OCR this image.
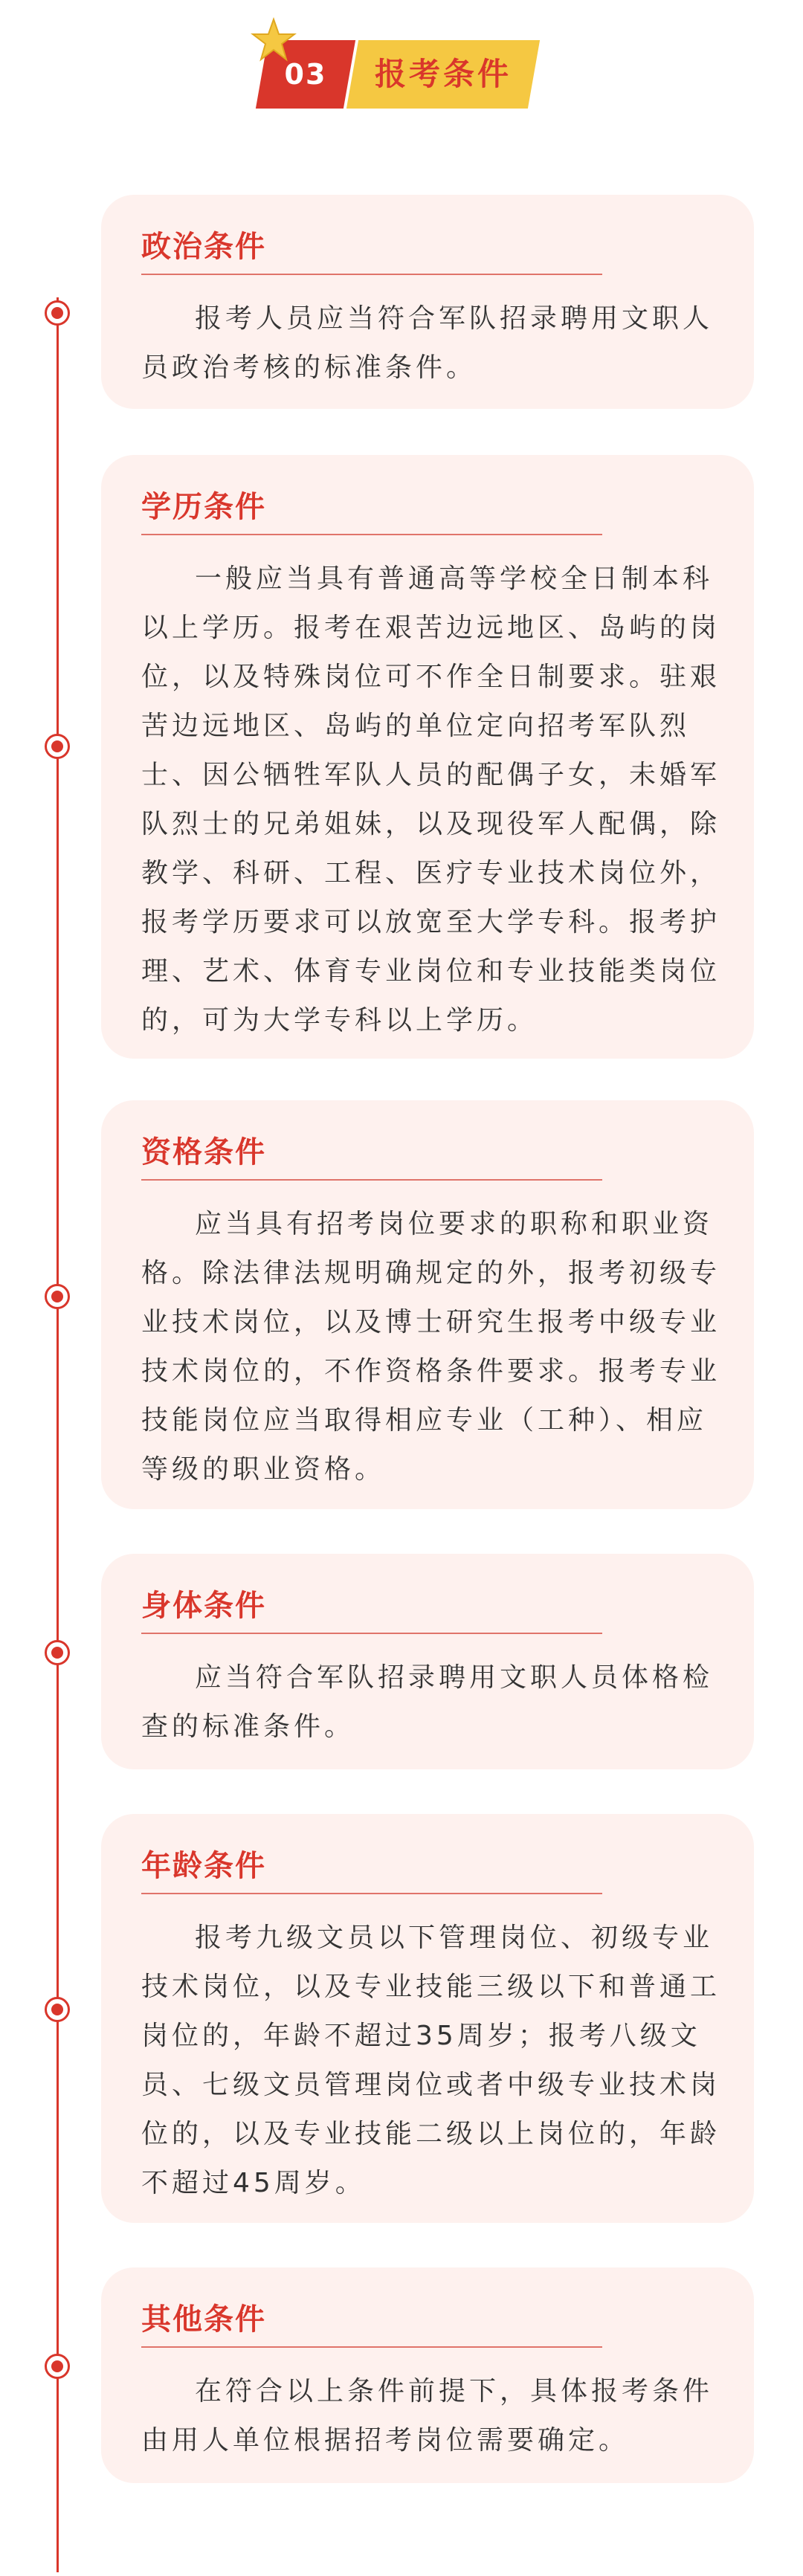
03	报考条件
政治条件

报考人员应当符合军队招录聘用文职人员政治考核的标准条件。

学历条件

一般应当具有普通高等学校全日制本科以上学历。报考在艰苦边远地区、岛屿的岗位，以及特殊岗位可不作全日制要求。驻艰苦边远地区、岛屿的单位定向招考军队烈士、因公牺牲军队人员的配偶子女，未婚军队烈士的兄弟姐妹，以及现役军人配偶，除教学、科研、工程、医疗专业技术岗位外，报考学历要求可以放宽至大学专科。报考护理、艺术、体育专业岗位和专业技能类岗位的，可为大学专科以上学历。

资格条件

应当具有招考岗位要求的职称和职业资格。除法律法规明确规定的外，报考初级专业技术岗位，以及博士研究生报考中级专业技术岗位的，不作资格条件要求。报考专业技能岗位应当取得相应专业（工种）、相应等级的职业资格。

身体条件

应当符合军队招录聘用文职人员体格检查的标准条件。

年龄条件

报考九级文员以下管理岗位、初级专业技术岗位，以及专业技能三级以下和普通工岗位的，年龄不超过35周岁；报考八级文员、七级文员管理岗位或者中级专业技术岗位的，以及专业技能二级以上岗位的，年龄不超过45周岁。

其他条件

在符合以上条件前提下，具体报考条件由用人单位根据招考岗位需要确定。
